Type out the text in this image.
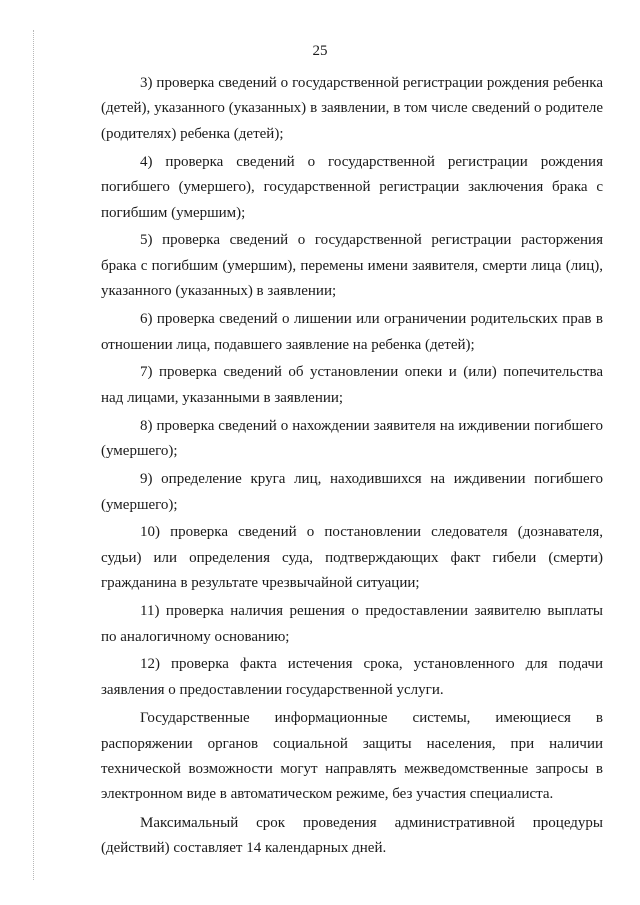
25

3) проверка сведений о государственной регистрации рождения ребенка (детей), указанного (указанных) в заявлении, в том числе сведений о родителе (родителях) ребенка (детей);

4) проверка сведений о государственной регистрации рождения погибшего (умершего), государственной регистрации заключения брака с погибшим (умершим);

5) проверка сведений о государственной регистрации расторжения брака с погибшим (умершим), перемены имени заявителя, смерти лица (лиц), указанного (указанных) в заявлении;

6) проверка сведений о лишении или ограничении родительских прав в отношении лица, подавшего заявление на ребенка (детей);

7) проверка сведений об установлении опеки и (или) попечительства над лицами, указанными в заявлении;

8) проверка сведений о нахождении заявителя на иждивении погибшего (умершего);

9) определение круга лиц, находившихся на иждивении погибшего (умершего);

10) проверка сведений о постановлении следователя (дознавателя, судьи) или определения суда, подтверждающих факт гибели (смерти) гражданина в результате чрезвычайной ситуации;

11) проверка наличия решения о предоставлении заявителю выплаты по аналогичному основанию;

12) проверка факта истечения срока, установленного для подачи заявления о предоставлении государственной услуги.

Государственные информационные системы, имеющиеся в распоряжении органов социальной защиты населения, при наличии технической возможности могут направлять межведомственные запросы в электронном виде в автоматическом режиме, без участия специалиста.

Максимальный срок проведения административной процедуры (действий) составляет 14 календарных дней.
